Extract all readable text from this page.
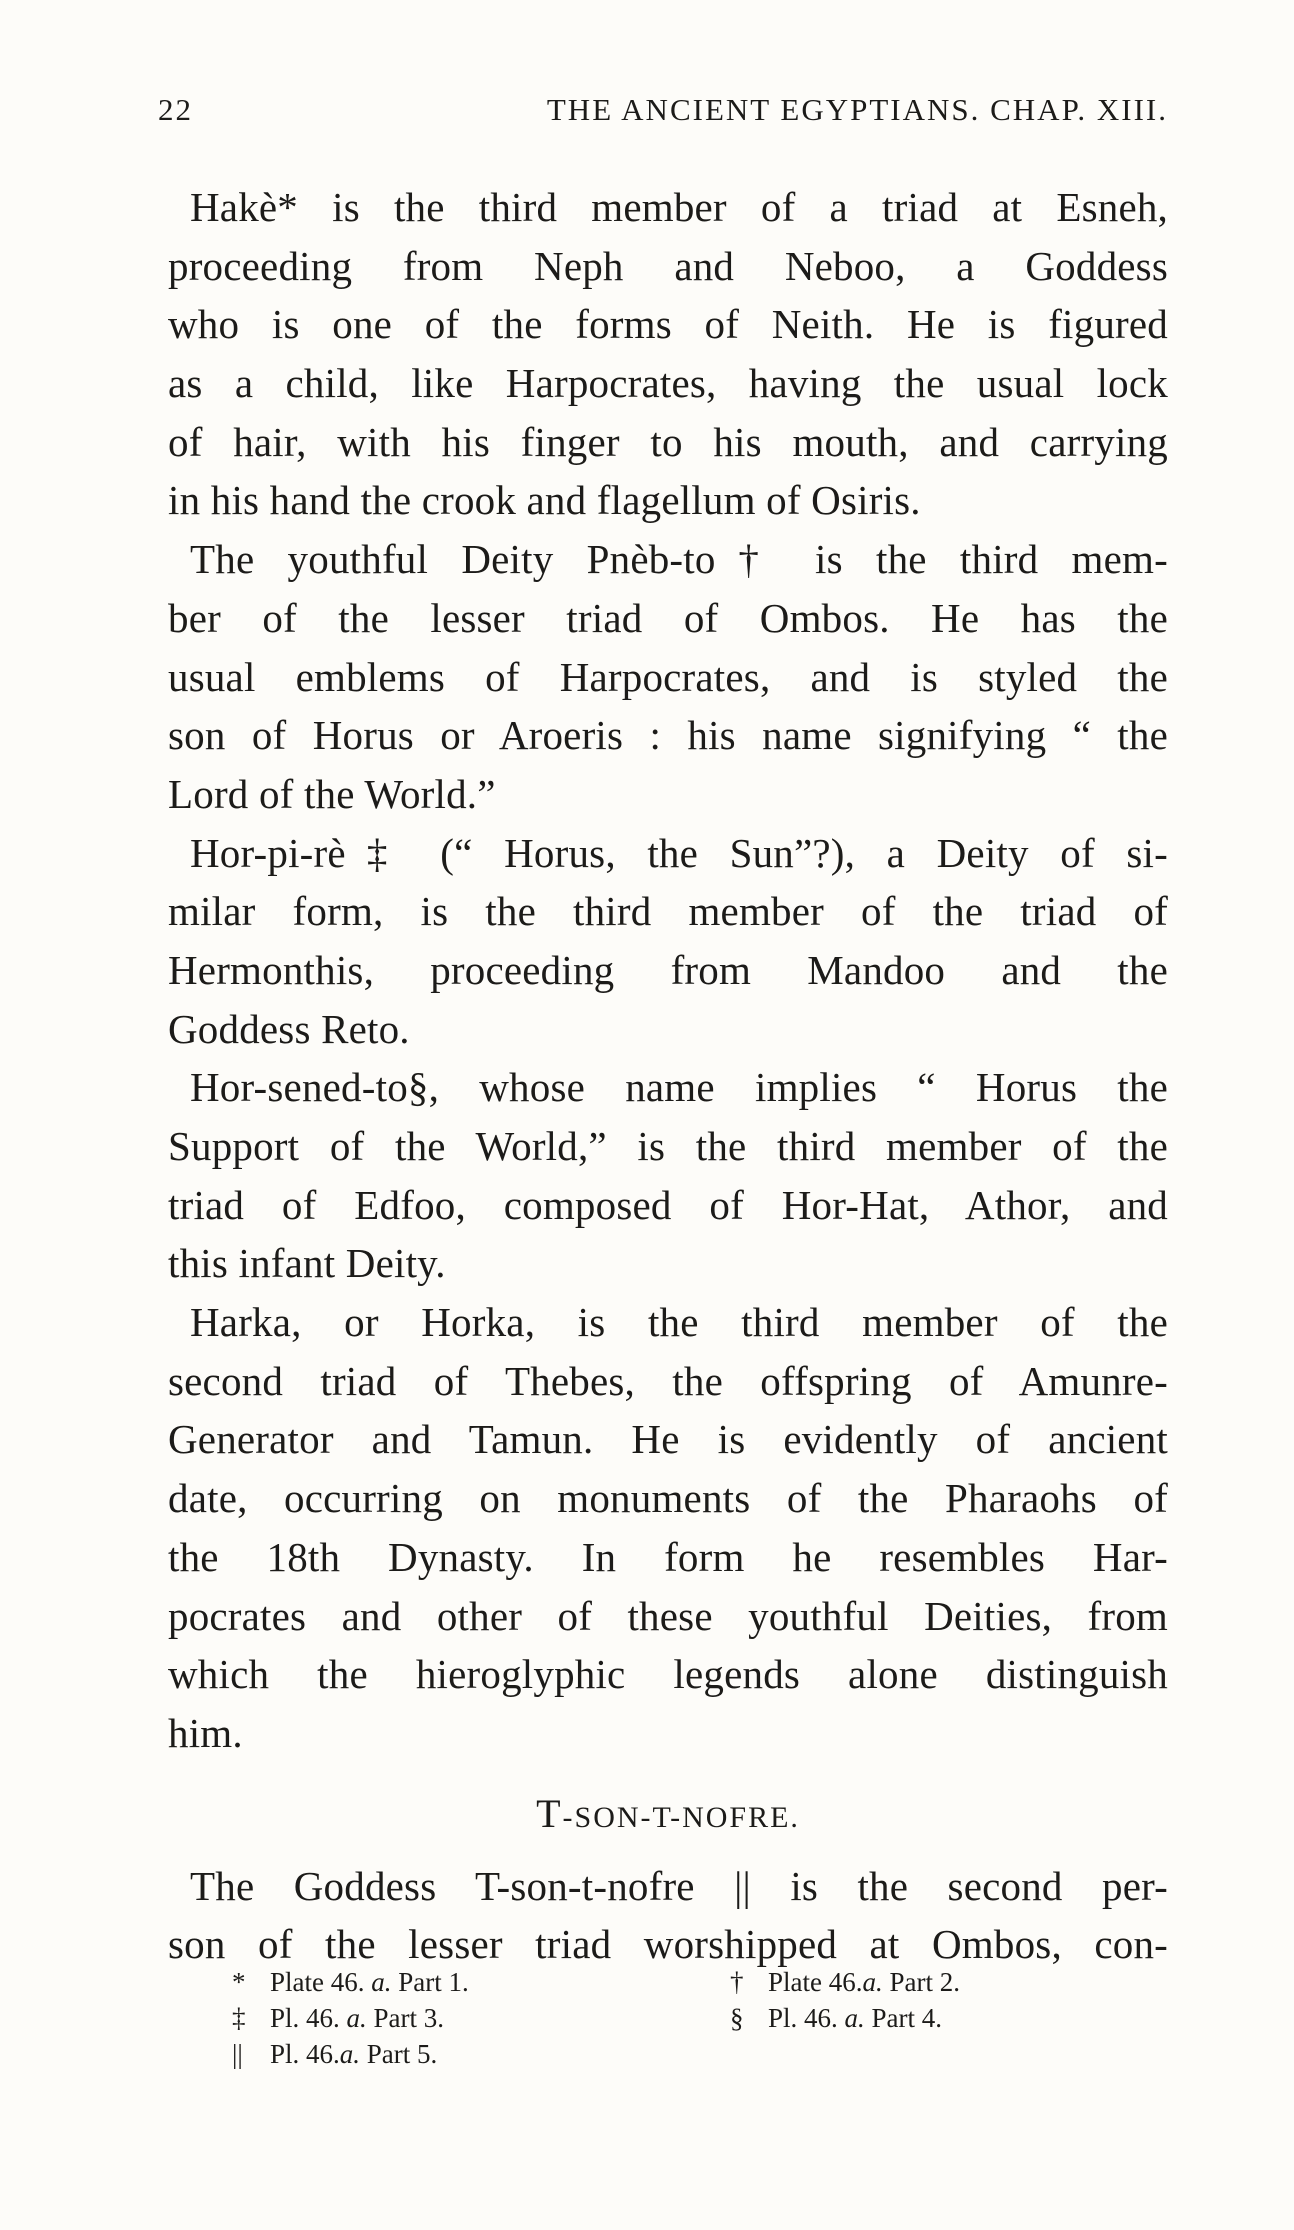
22	THE ANCIENT EGYPTIANS. CHAP. XIII.
Hakè* is the third member of a triad at Esneh,
proceeding from Neph and Neboo, a Goddess
who is one of the forms of Neith. He is figured
as a child, like Harpocrates, having the usual lock
of hair, with his finger to his mouth, and carrying
in his hand the crook and flagellum of Osiris.
The youthful Deity Pnèb-to† is the third mem-
ber of the lesser triad of Ombos. He has the
usual emblems of Harpocrates, and is styled the
son of Horus or Aroeris : his name signifying “ the
Lord of the World.”
Hor-pi-rè‡ (“ Horus, the Sun”?), a Deity of si-
milar form, is the third member of the triad of
Hermonthis, proceeding from Mandoo and the
Goddess Reto.
Hor-sened-to§, whose name implies “ Horus the
Support of the World,” is the third member of the
triad of Edfoo, composed of Hor-Hat, Athor, and
this infant Deity.
Harka, or Horka, is the third member of the
second triad of Thebes, the offspring of Amunre-
Generator and Tamun. He is evidently of ancient
date, occurring on monuments of the Pharaohs of
the 18th Dynasty. In form he resembles Har-
pocrates and other of these youthful Deities, from
which the hieroglyphic legends alone distinguish
him.
T-SON-T-NOFRE.
The Goddess T-son-t-nofre || is the second per-
son of the lesser triad worshipped at Ombos, con-
* Plate 46. a. Part 1.	† Plate 46.a. Part 2.
‡ Pl. 46. a. Part 3.	§ Pl. 46. a. Part 4.
|| Pl. 46.a. Part 5.
